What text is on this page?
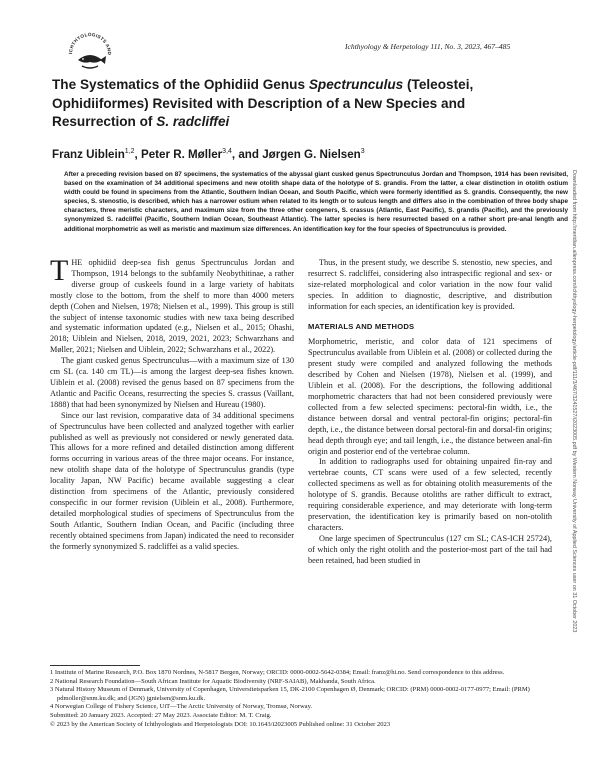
ICHTHYOLOGISTS AND
Ichthyology & Herpetology 111, No. 3, 2023, 467–485
The Systematics of the Ophidiid Genus Spectrunculus (Teleostei, Ophidiiformes) Revisited with Description of a New Species and Resurrection of S. radcliffei
Franz Uiblein$^{1,2}$, Peter R. Møller$^{3,4}$, and Jørgen G. Nielsen$^3$
After a preceding revision based on 87 specimens, the systematics of the abyssal giant cusked genus Spectrunculus Jordan and Thompson, 1914 has been revisited, based on the examination of 34 additional specimens and new otolith shape data of the holotype of S. grandis. From the latter, a clear distinction in otolith ostium width could be found in specimens from the Atlantic, Southern Indian Ocean, and South Pacific, which were formerly identified as S. grandis. Consequently, the new species, S. stenostio, is described, which has a narrower ostium when related to its length or to sulcus length and differs also in the combination of three body shape characters, three meristic characters, and maximum size from the three other congeners, S. crassus (Atlantic, East Pacific), S. grandis (Pacific), and the previously synonymized S. radcliffei (Pacific, Southern Indian Ocean, Southeast Atlantic). The latter species is here resurrected based on a rather short pre-anal length and additional morphometric as well as meristic and maximum size differences. An identification key for the four species of Spectrunculus is provided.	Downloaded from http://meridian.allenpress.com/ichthyology-herpetology/article-pdf/111/3/467/3241527/i2023005.pdf by Western Norway University of Applied Sciences user on 31 October 2023

THE ophidiid deep-sea fish genus Spectrunculus Jordan and Thompson, 1914 belongs to the subfamily Neobythitinae, a rather diverse group of cuskeels found in a large variety of habitats mostly close to the bottom, from the shelf to more than 4000 meters depth (Cohen and Nielsen, 1978; Nielsen et al., 1999). This group is still the subject of intense taxonomic studies with new taxa being described and systematic information updated (e.g., Nielsen et al., 2015; Ohashi, 2018; Uiblein and Nielsen, 2018, 2019, 2021, 2023; Schwarzhans and Møller, 2021; Nielsen and Uiblein, 2022; Schwarzhans et al., 2022).

The giant cusked genus Spectrunculus—with a maximum size of 130 cm SL (ca. 140 cm TL)—is among the largest deep-sea fishes known. Uiblein et al. (2008) revised the genus based on 87 specimens from the Atlantic and Pacific Oceans, resurrecting the species S. crassus (Vaillant, 1888) that had been synonymized by Nielsen and Hureau (1980).

Since our last revision, comparative data of 34 additional specimens of Spectrunculus have been collected and analyzed together with earlier published as well as previously not considered or newly generated data. This allows for a more refined and detailed distinction among different forms occurring in various areas of the three major oceans. For instance, new otolith shape data of the holotype of Spectrunculus grandis (type locality Japan, NW Pacific) became available suggesting a clear distinction from specimens of the Atlantic, previously considered conspecific in our former revision (Uiblein et al., 2008). Furthermore, detailed morphological studies of specimens of Spectrunculus from the South Atlantic, Southern Indian Ocean, and Pacific (including three recently obtained specimens from Japan) indicated the need to reconsider the formerly synonymized S. radcliffei as a valid species.

Thus, in the present study, we describe S. stenostio, new species, and resurrect S. radcliffei, considering also intraspecific regional and sex- or size-related morphological and color variation in the now four valid species. In addition to diagnostic, descriptive, and distribution information for each species, an identification key is provided.

MATERIALS AND METHODS

Morphometric, meristic, and color data of 121 specimens of Spectrunculus available from Uiblein et al. (2008) or collected during the present study were compiled and analyzed following the methods described by Cohen and Nielsen (1978), Nielsen et al. (1999), and Uiblein et al. (2008). For the descriptions, the following additional morphometric characters that had not been considered previously were collected from a few selected specimens: pectoral-fin width, i.e., the distance between dorsal and ventral pectoral-fin origins; pectoral-fin depth, i.e., the distance between dorsal pectoral-fin and dorsal-fin origins; head depth through eye; and tail length, i.e., the distance between anal-fin origin and posterior end of the vertebrae column.

In addition to radiographs used for obtaining unpaired fin-ray and vertebrae counts, CT scans were used of a few selected, recently collected specimens as well as for obtaining otolith measurements of the holotype of S. grandis. Because otoliths are rather difficult to extract, requiring considerable experience, and may deteriorate with long-term preservation, the identification key is primarily based on non-otolith characters.

One large specimen of Spectrunculus (127 cm SL; CAS-ICH 25724), of which only the right otolith and the posterior-most part of the tail had been retained, had been studied in

1 Institute of Marine Research, P.O. Box 1870 Nordnes, N-5817 Bergen, Norway; ORCID: 0000-0002-5642-0384; Email: franz@hi.no. Send correspondence to this address.
2 National Research Foundation—South African Institute for Aquatic Biodiversity (NRF-SAIAB), Makhanda, South Africa.
3 Natural History Museum of Denmark, University of Copenhagen, Universitetsparken 15, DK-2100 Copenhagen Ø, Denmark; ORCID: (PRM) 0000-0002-0177-0977; Email: (PRM) pdmoller@snm.ku.dk; and (JGN) jgnielsen@snm.ku.dk.
4 Norwegian College of Fishery Science, UiT—The Arctic University of Norway, Tromsø, Norway.
Submitted: 20 January 2023. Accepted: 27 May 2023. Associate Editor: M. T. Craig.
© 2023 by the American Society of Ichthyologists and Herpetologists DOI: 10.1643/i2023005 Published online: 31 October 2023
